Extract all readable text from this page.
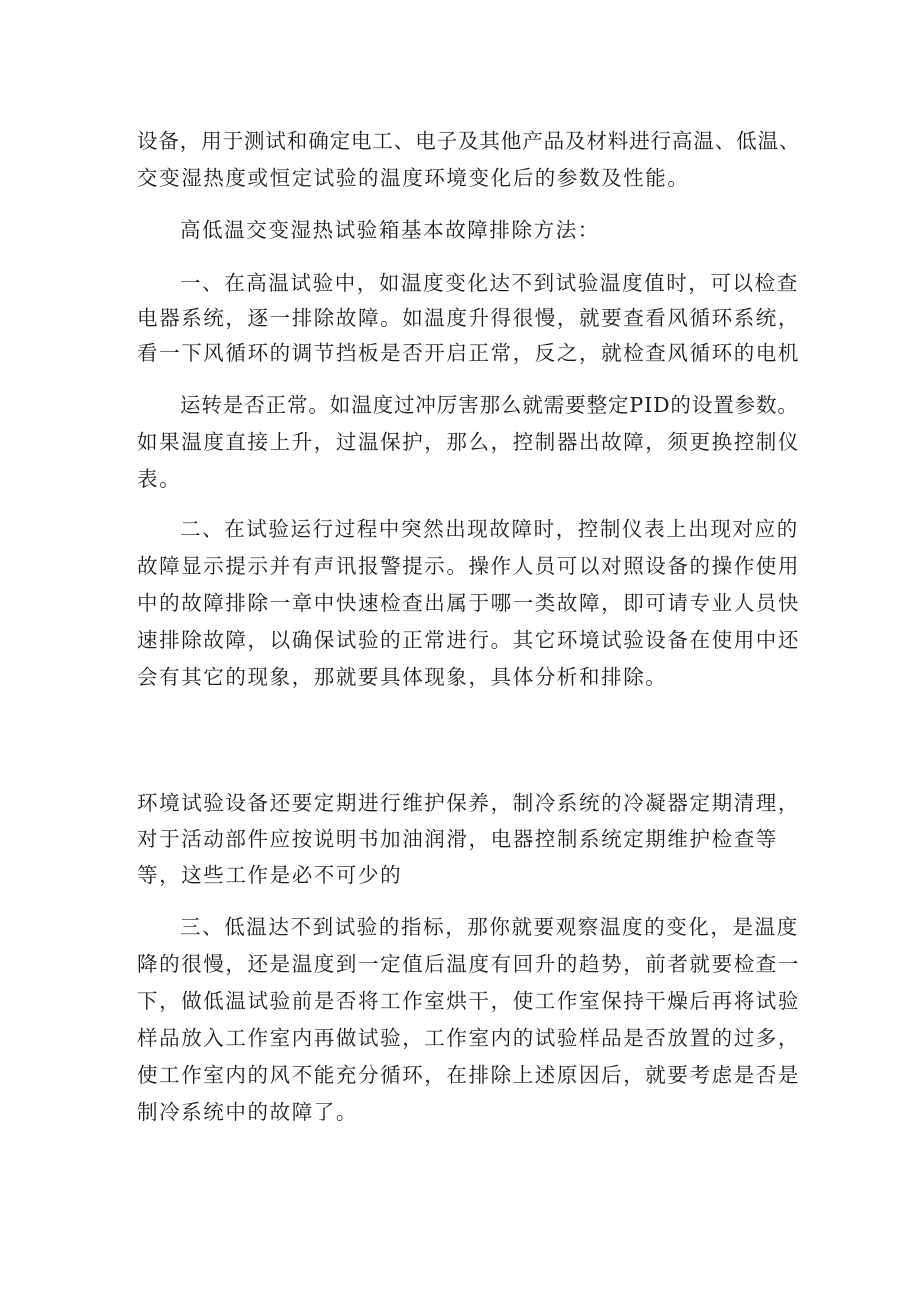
设备，用于测试和确定电工、电子及其他产品及材料进行高温、低温、
交变湿热度或恒定试验的温度环境变化后的参数及性能。
高低温交变湿热试验箱基本故障排除方法：
一、在高温试验中，如温度变化达不到试验温度值时，可以检查
电器系统，逐一排除故障。如温度升得很慢，就要查看风循环系统，
看一下风循环的调节挡板是否开启正常，反之，就检查风循环的电机
运转是否正常。如温度过冲厉害那么就需要整定PID的设置参数。
如果温度直接上升，过温保护，那么，控制器出故障，须更换控制仪
表。
二、在试验运行过程中突然出现故障时，控制仪表上出现对应的
故障显示提示并有声讯报警提示。操作人员可以对照设备的操作使用
中的故障排除一章中快速检查出属于哪一类故障，即可请专业人员快
速排除故障，以确保试验的正常进行。其它环境试验设备在使用中还
会有其它的现象，那就要具体现象，具体分析和排除。
环境试验设备还要定期进行维护保养，制冷系统的冷凝器定期清理，
对于活动部件应按说明书加油润滑，电器控制系统定期维护检查等
等，这些工作是必不可少的
三、低温达不到试验的指标，那你就要观察温度的变化，是温度
降的很慢，还是温度到一定值后温度有回升的趋势，前者就要检查一
下，做低温试验前是否将工作室烘干，使工作室保持干燥后再将试验
样品放入工作室内再做试验，工作室内的试验样品是否放置的过多，
使工作室内的风不能充分循环，在排除上述原因后，就要考虑是否是
制冷系统中的故障了。
